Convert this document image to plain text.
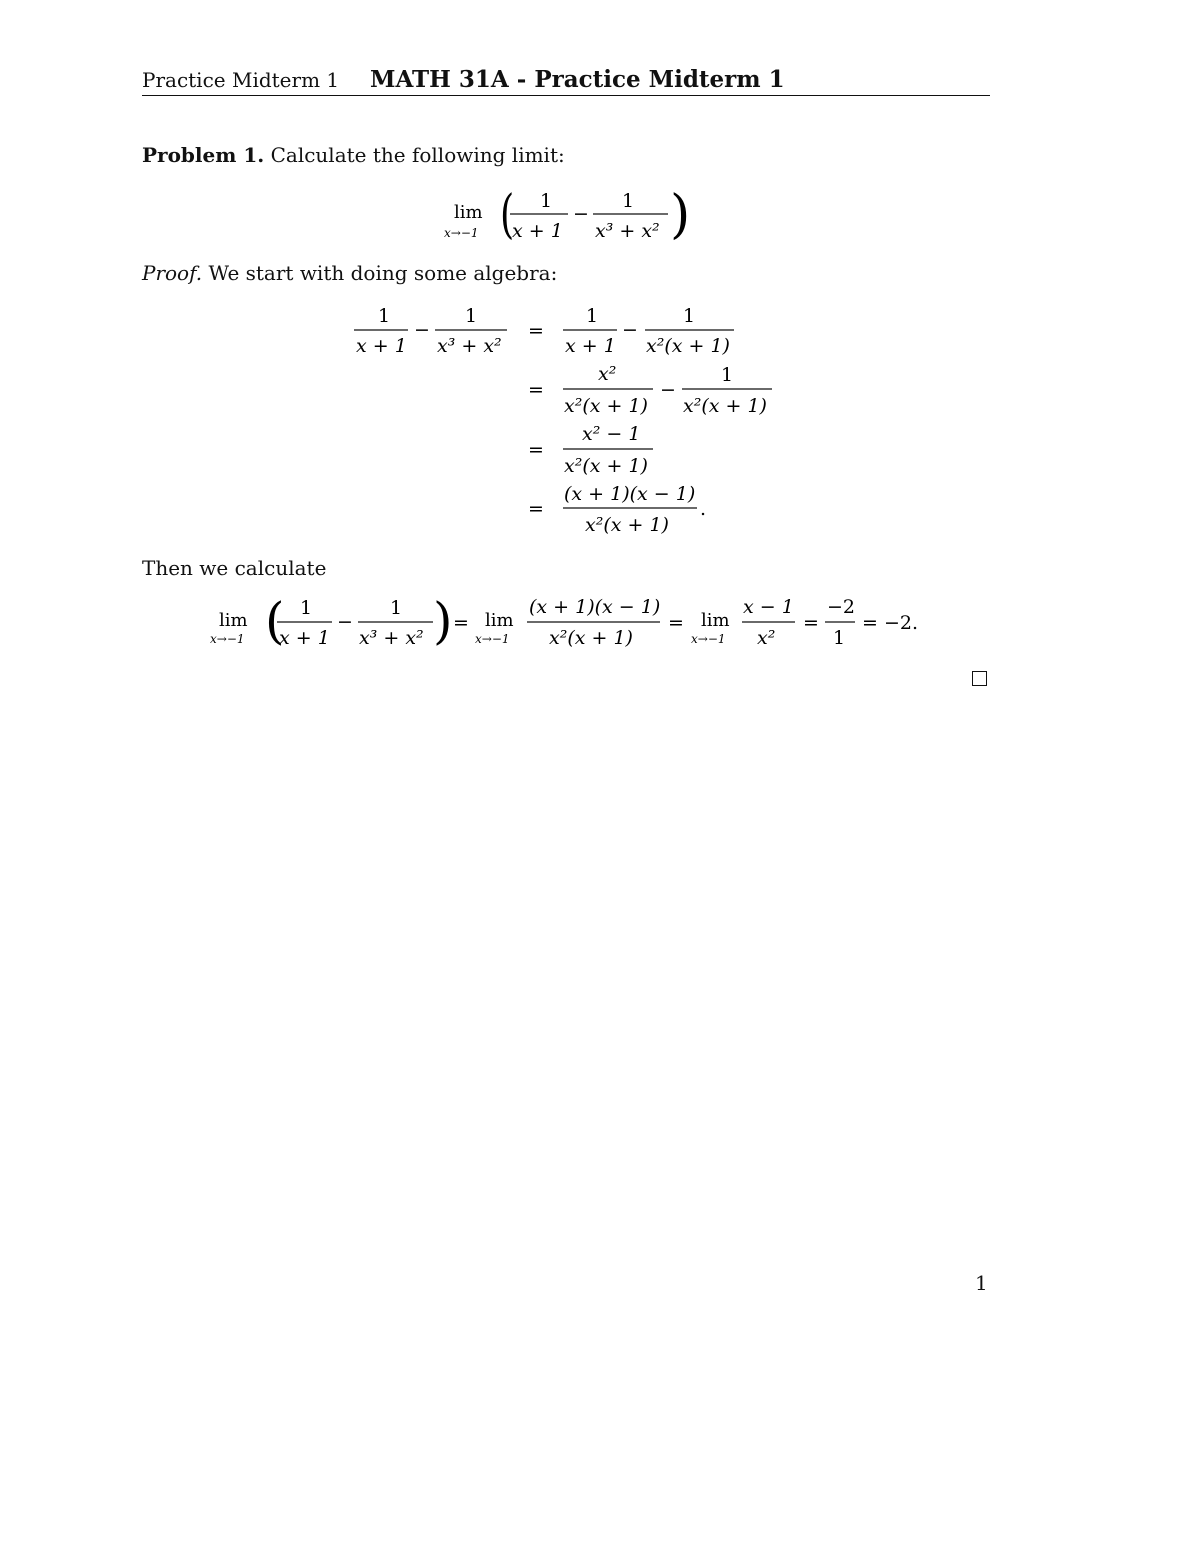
Practice Midterm 1 MATH 31A - Practice Midterm 1
Problem 1. Calculate the following limit:
lim
x→−1 ( 1
x + 1
−
1
x³ + x² )
Proof. We start with doing some algebra:
1
x + 1
−
1
x³ + x²
=
1
x + 1
−
1
x²(x + 1)
=
x²
x²(x + 1)
−
1
x²(x + 1)
=
x² − 1
x²(x + 1)
=
(x + 1)(x − 1)
x²(x + 1)
.
Then we calculate
lim
x→−1 ( 1
x + 1
−
1
x³ + x² ) = lim
x→−1
(x + 1)(x − 1)
x²(x + 1)
= lim
x→−1
x − 1
x²
=
−2
1
= −2.
1
